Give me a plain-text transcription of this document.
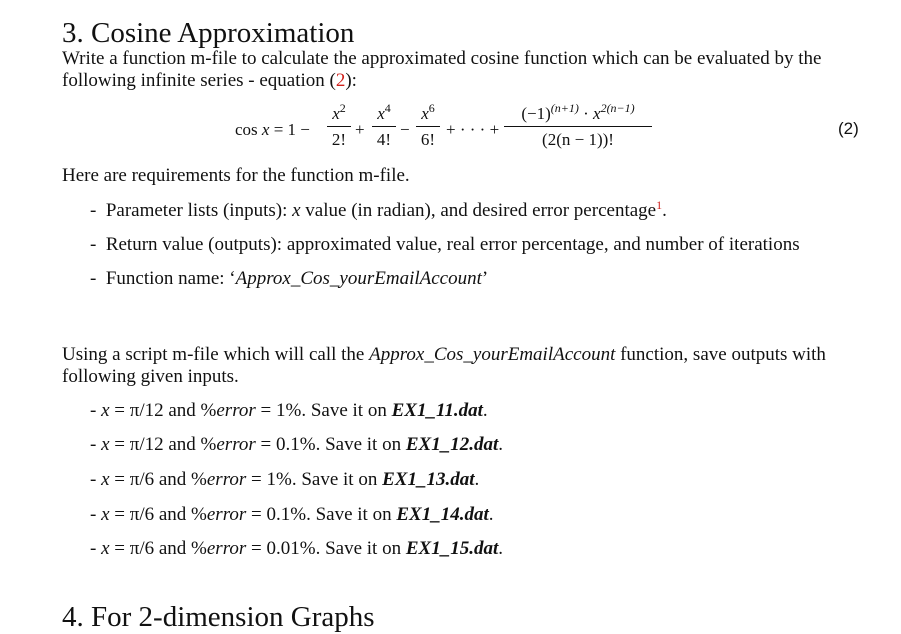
3. Cosine Approximation
Write a function m-file to calculate the approximated cosine function which can be evaluated by the
following infinite series - equation (2):
cos x = 1 −
$x^2$
2!
+
$x^4$
4!
−
$x^6$
6!
+ · · · +
$(-1)^{(n+1)} \cdot x^{2(n-1)}$
(2(n − 1))!
(2)
Here are requirements for the function m-file.
-  Parameter lists (inputs): x value (in radian), and desired error percentage$^1$.
-  Return value (outputs): approximated value, real error percentage, and number of iterations
-  Function name: ‘Approx_Cos_yourEmailAccount’
Using a script m-file which will call the Approx_Cos_yourEmailAccount function, save outputs with
following given inputs.
- x = π/12 and %error = 1%. Save it on EX1_11.dat.
- x = π/12 and %error = 0.1%. Save it on EX1_12.dat.
- x = π/6 and %error = 1%. Save it on EX1_13.dat.
- x = π/6 and %error = 0.1%. Save it on EX1_14.dat.
- x = π/6 and %error = 0.01%. Save it on EX1_15.dat.
4. For 2-dimension Graphs
